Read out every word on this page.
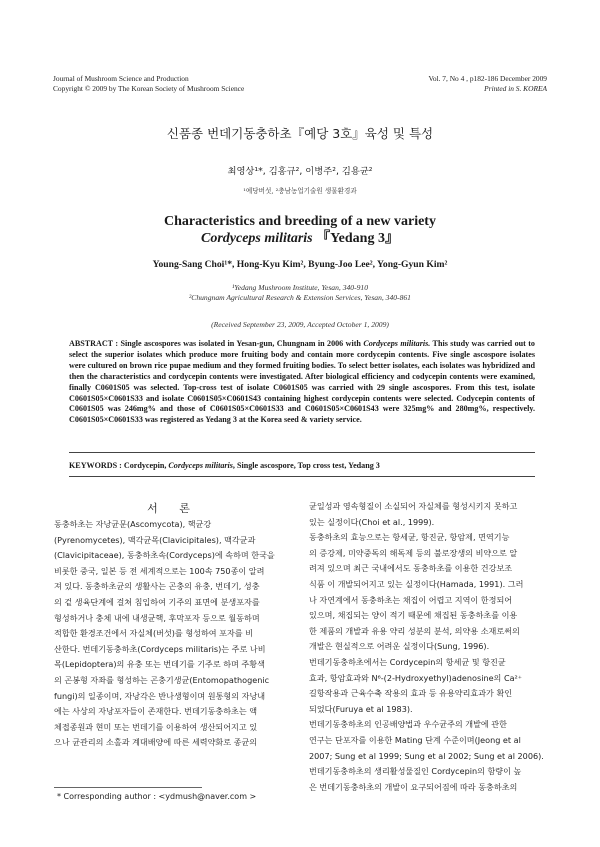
Journal of Mushroom Science and Production
Copyright © 2009 by The Korean Society of Mushroom Science
Vol. 7, No 4 , p182-186 December 2009
Printed in S. KOREA
신품종 번데기동충하초『예당 3호』육성 및 특성
최영상¹*, 김홍규², 이병주², 김용균²
¹예당버섯, ²충남농업기술원 생물환경과
Characteristics and breeding of a new variety
Cordyceps militaris 『Yedang 3』
Young-Sang Choi¹*, Hong-Kyu Kim², Byung-Joo Lee², Yong-Gyun Kim²
¹Yedang Mushroom Institute, Yesan, 340-910
²Chungnam Agricultural Research & Extension Services, Yesan, 340-861
(Received September 23, 2009, Accepted October 1, 2009)
ABSTRACT : Single ascospores was isolated in Yesan-gun, Chungnam in 2006 with Cordyceps militaris. This study was carried out to select the superior isolates which produce more fruiting body and contain more cordycepin contents. Five single ascospore isolates were cultured on brown rice pupae medium and they formed fruiting bodies. To select better isolates, each isolates was hybridized and then the characteristics and cordycepin contents were investigated. After biological efficiency and codycepin contents were examined, finally C0601S05 was selected. Top-cross test of isolate C0601S05 was carried with 29 single ascospores. From this test, isolate C0601S05×C0601S33 and isolate C0601S05×C0601S43 containing highest cordycepin contents were selected. Codycepin contents of C0601S05 was 246mg% and those of C0601S05×C0601S33 and C0601S05×C0601S43 were 325mg% and 280mg%, respectively. C0601S05×C0601S33 was registered as Yedang 3 at the Korea seed & variety service.
KEYWORDS : Cordycepin, Cordyceps militaris, Single ascospore, Top cross test, Yedang 3
서 론
동충하초는 자낭균문(Ascomycota), 핵균강
(Pyrenomycetes), 맥각균목(Clavicipitales), 맥각균과
(Clavicipitaceae), 동충하초속(Cordyceps)에 속하며 한국을
비롯한 중국, 일본 등 전 세계적으로는 100속 750종이 알려
져 있다. 동충하초균의 생활사는 곤충의 유충, 번데기, 성충
의 겉 생육단계에 걸쳐 침입하여 기주의 표면에 분생포자를
형성하거나 충체 내에 내생균핵, 후막포자 등으로 월동하며
적합한 환경조건에서 자실체(버섯)를 형성하여 포자를 비
산한다. 번데기동충하초(Cordyceps militaris)는 주로 나비
목(Lepidoptera)의 유충 또는 번데기를 기주로 하며 주황색
의 곤봉형 자좌를 형성하는 곤충기생균(Entomopathogenic
fungi)의 일종이며, 자낭각은 반나생형이며 원통형의 자낭내
에는 사상의 자낭포자들이 존재한다. 번데기동충하초는 액
체접종원과 현미 또는 번데기를 이용하여 생산되어지고 있
으나 균관리의 소홀과 계대배양에 따른 세력약화로 종균의
균일성과 영속형질이 소실되어 자실체를 형성시키지 못하고
있는 실정이다(Choi et al., 1999).
동충하초의 효능으로는 항세균, 항진균, 항암제, 면역기능
의 증강제, 미약중독의 해독제 등의 불로장생의 비약으로 알
려져 있으며 최근 국내에서도 동충하초를 이용한 건강보조
식품 이 개발되어지고 있는 실정이다(Hamada, 1991). 그러
나 자연계에서 동충하초는 채집이 어렵고 지역이 한정되어
있으며, 채집되는 양이 적기 때문에 채집된 동충하초를 이용
한 제품의 개발과 유용 약리 성분의 분석, 의약용 소재로써의
개발은 현실적으로 어려운 실정이다(Sung, 1996).
번데기동충하초에서는 Cordycepin의 항세균 및 항진균
효과, 항암효과와 N⁶-(2-Hydroxyethyl)adenosine의 Ca²⁺
길항작용과 근육수축 작용의 효과 등 유용약리효과가 확인
되었다(Furuya et al 1983).
번데기동충하초의 인공배양법과 우수균주의 개발에 관한
연구는 단포자를 이용한 Mating 단계 수준이며(Jeong et al
2007; Sung et al 1999; Sung et al 2002; Sung et al 2006).
번데기동충하초의 생리활성물질인 Cordycepin의 함량이 높
은 번데기동충하초의 개발이 요구되어짐에 따라 동충하초의
* Corresponding author : <ydmush@naver.com >
